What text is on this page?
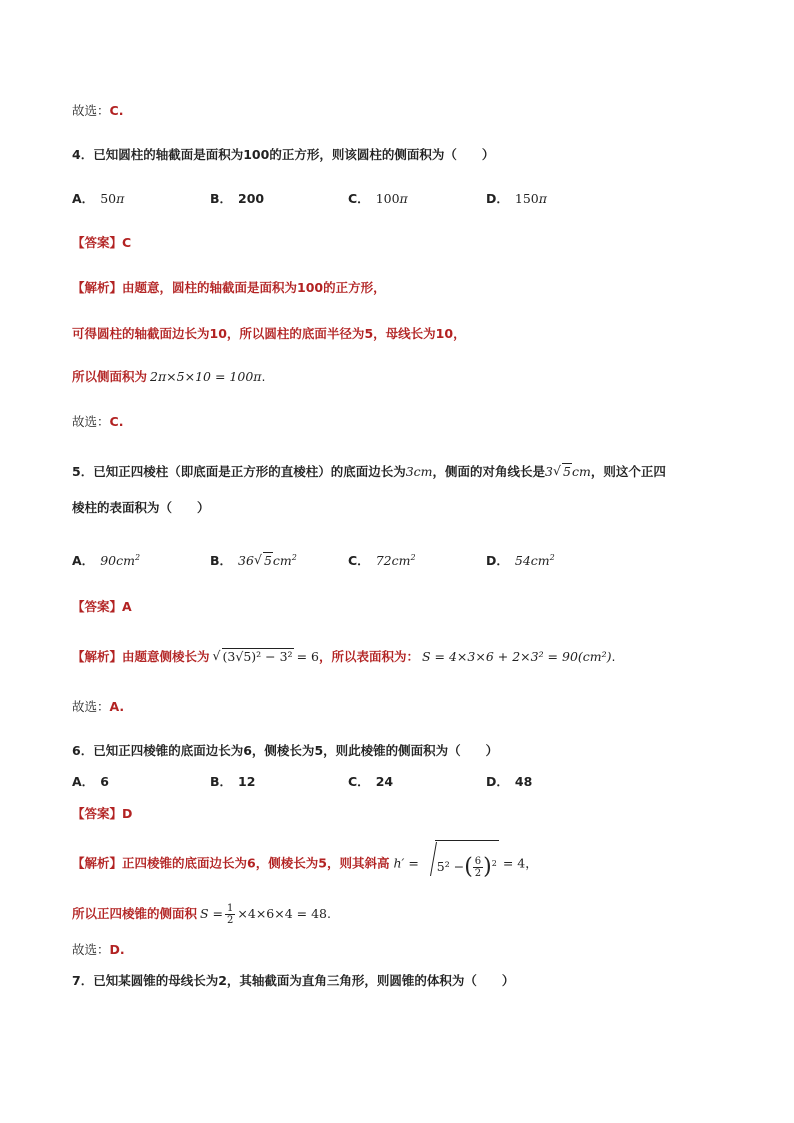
故选：C.
4．已知圆柱的轴截面是面积为100的正方形，则该圆柱的侧面积为（　　）
A． 50π	B． 200	C． 100π	D． 150π
【答案】C
【解析】由题意，圆柱的轴截面是面积为100的正方形，
可得圆柱的轴截面边长为10，所以圆柱的底面半径为5，母线长为10，
所以侧面积为 2π×5×10 = 100π.
故选：C.
5．已知正四棱柱（即底面是正方形的直棱柱）的底面边长为3cm，侧面的对角线长是3 √ 5cm，则这个正四
棱柱的表面积为（　　）
A． $90cm^2$	B． 36 √ $5cm^2$	C． $72cm^2$	D． $54cm^2$
【答案】A
【解析】由题意侧棱长为 √ (3√5)² − 3² = 6，所以表面积为： S = 4×3×6 + 2×3² = 90(cm²).
故选：A.
6．已知正四棱锥的底面边长为6，侧棱长为5，则此棱锥的侧面积为（　　）
A． 6	B． 12	C． 24	D． 48
【答案】D
【解析】正四棱锥的底面边长为6，侧棱长为5，则其斜高 h′ = 5² −( $\frac{6}{2} )^2 = 4$，
所以正四棱锥的侧面积 $S = \frac{1}{2} \times 4\times 6\times 4 = 48$.
故选：D.
7．已知某圆锥的母线长为2，其轴截面为直角三角形，则圆锥的体积为（　　）
